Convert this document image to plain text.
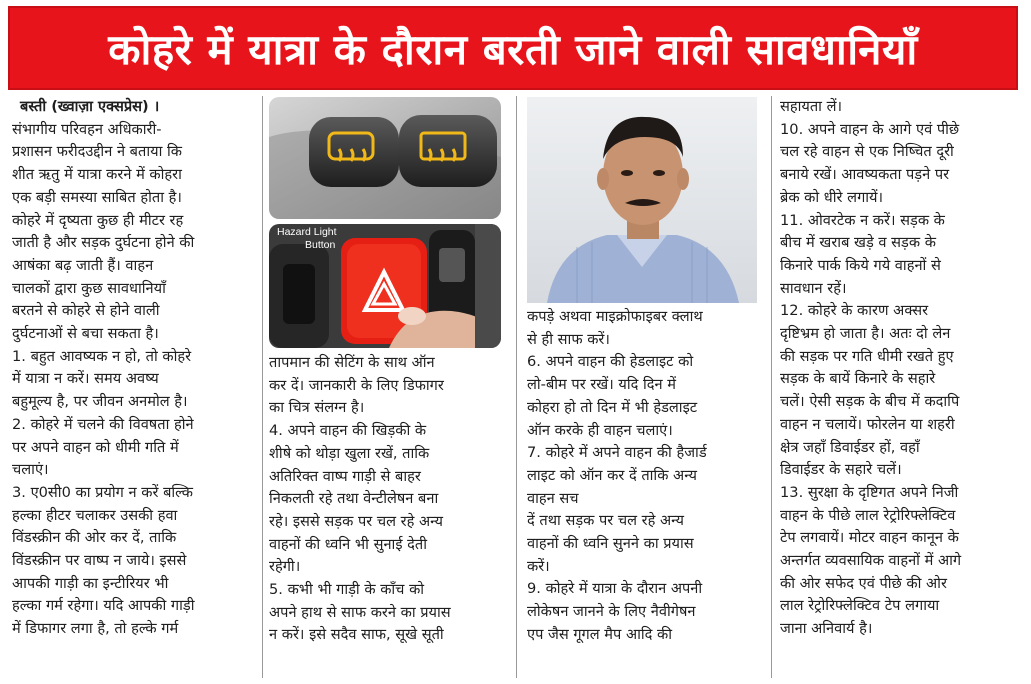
कोहरे में यात्रा के दौरान बरती जाने वाली सावधानियाँ

बस्ती (ख्वाज़ा एक्सप्रेस) ।

संभागीय परिवहन अधिकारी-

प्रशासन फरीदउद्दीन ने बताया कि

शीत ऋतु में यात्रा करने में कोहरा

एक बड़ी समस्या साबित होता है।

कोहरे में दृष्यता कुछ ही मीटर रह

जाती है और सड़क दुर्घटना होने की

आषंका बढ़ जाती हैं। वाहन

चालकों द्वारा कुछ सावधानियाँ

बरतने से कोहरे से होने वाली

दुर्घटनाओं से बचा सकता है।

1. बहुत आवष्यक न हो, तो कोहरे

में यात्रा न करें। समय अवष्य

बहुमूल्य है, पर जीवन अनमोल है।

2. कोहरे में चलने की विवषता होने

पर अपने वाहन को धीमी गति में

चलाएं।

3. ए0सी0 का प्रयोग न करें बल्कि

हल्का हीटर चलाकर उसकी हवा

विंडस्क्रीन की ओर कर दें, ताकि

विंडस्क्रीन पर वाष्प न जाये। इससे

आपकी गाड़ी का इन्टीरियर भी

हल्का गर्म रहेगा। यदि आपकी गाड़ी

में डिफागर लगा है, तो हल्के गर्म

Hazard Light
Button

तापमान की सेटिंग के साथ ऑन

कर दें। जानकारी के लिए डिफागर

का चित्र संलग्न है।

4. अपने वाहन की खिड़की के

शीषे को थोड़ा खुला रखें, ताकि

अतिरिक्त वाष्प गाड़ी से बाहर

निकलती रहे तथा वेन्टीलेषन बना

रहे। इससे सड़क पर चल रहे अन्य

वाहनों की ध्वनि भी सुनाई देती

रहेगी।

5. कभी भी गाड़ी के काँच को

अपने हाथ से साफ करने का प्रयास

न करें। इसे सदैव साफ, सूखे सूती

कपड़े अथवा माइक्रोफाइबर क्लाथ

से ही साफ करें।

6. अपने वाहन की हेडलाइट को

लो-बीम पर रखें। यदि दिन में

कोहरा हो तो दिन में भी हेडलाइट

ऑन करके ही वाहन चलाएं।

7. कोहरे में अपने वाहन की हैजार्ड

लाइट को ऑन कर दें ताकि अन्य

वाहन सच

दें तथा सड़क पर चल रहे अन्य

वाहनों की ध्वनि सुनने का प्रयास

करें।

9. कोहरे में यात्रा के दौरान अपनी

लोकेषन जानने के लिए नैवीगेषन

एप जैस गूगल मैप आदि की

सहायता लें।

10. अपने वाहन के आगे एवं पीछे

चल रहे वाहन से एक निष्चित दूरी

बनाये रखें। आवष्यकता पड़ने पर

ब्रेक को धीरे लगायें।

11. ओवरटेक न करें। सड़क के

बीच में खराब खड़े व सड़क के

किनारे पार्क किये गये वाहनों से

सावधान रहें।

12. कोहरे के कारण अक्सर

दृष्टिभ्रम हो जाता है। अतः दो लेन

की सड़क पर गति धीमी रखते हुए

सड़क के बायें किनारे के सहारे

चलें। ऐसी सड़क के बीच में कदापि

वाहन न चलायें। फोरलेन या शहरी

क्षेत्र जहाँ डिवाईडर हों, वहाँ

डिवाईडर के सहारे चलें।

13. सुरक्षा के दृष्टिगत अपने निजी

वाहन के पीछे लाल रेट्रोरिफ्लेक्टिव

टेप लगवायें। मोटर वाहन कानून के

अन्तर्गत व्यवसायिक वाहनों में आगे

की ओर सफेद एवं पीछे की ओर

लाल रेट्रोरिफ्लेक्टिव टेप लगाया

जाना अनिवार्य है।
